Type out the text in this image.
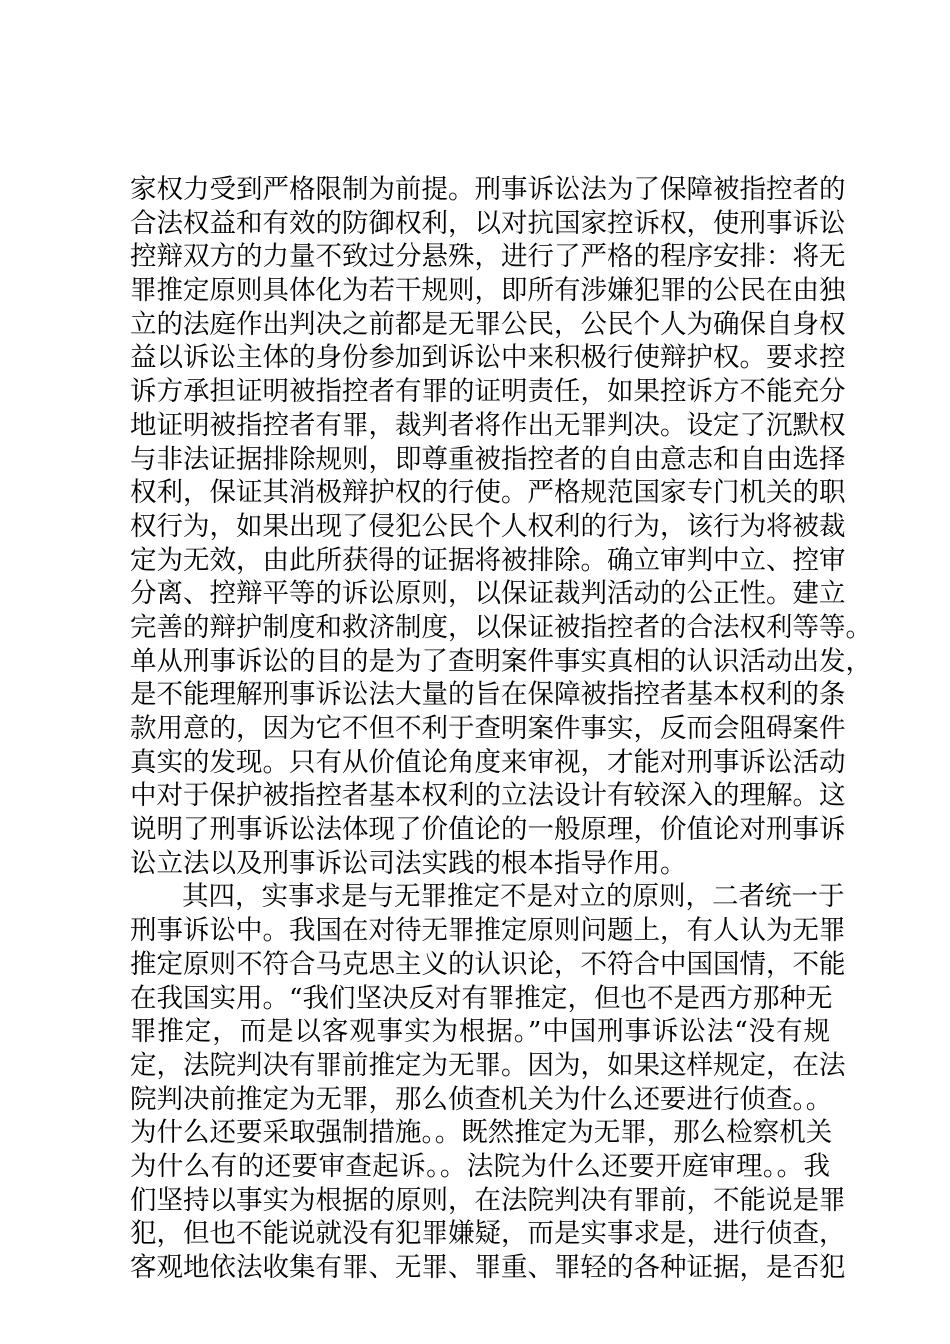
家权力受到严格限制为前提。刑事诉讼法为了保障被指控者的
合法权益和有效的防御权利，以对抗国家控诉权，使刑事诉讼
控辩双方的力量不致过分悬殊，进行了严格的程序安排：将无
罪推定原则具体化为若干规则，即所有涉嫌犯罪的公民在由独
立的法庭作出判决之前都是无罪公民，公民个人为确保自身权
益以诉讼主体的身份参加到诉讼中来积极行使辩护权。要求控
诉方承担证明被指控者有罪的证明责任，如果控诉方不能充分
地证明被指控者有罪，裁判者将作出无罪判决。设定了沉默权
与非法证据排除规则，即尊重被指控者的自由意志和自由选择
权利，保证其消极辩护权的行使。严格规范国家专门机关的职
权行为，如果出现了侵犯公民个人权利的行为，该行为将被裁
定为无效，由此所获得的证据将被排除。确立审判中立、控审
分离、控辩平等的诉讼原则，以保证裁判活动的公正性。建立
完善的辩护制度和救济制度，以保证被指控者的合法权利等等。
单从刑事诉讼的目的是为了查明案件事实真相的认识活动出发，
是不能理解刑事诉讼法大量的旨在保障被指控者基本权利的条
款用意的，因为它不但不利于查明案件事实，反而会阻碍案件
真实的发现。只有从价值论角度来审视，才能对刑事诉讼活动
中对于保护被指控者基本权利的立法设计有较深入的理解。这
说明了刑事诉讼法体现了价值论的一般原理，价值论对刑事诉
讼立法以及刑事诉讼司法实践的根本指导作用。
其四，实事求是与无罪推定不是对立的原则，二者统一于
刑事诉讼中。我国在对待无罪推定原则问题上，有人认为无罪
推定原则不符合马克思主义的认识论，不符合中国国情，不能
在我国实用。“我们坚决反对有罪推定，但也不是西方那种无
罪推定，而是以客观事实为根据。”中国刑事诉讼法“没有规
定，法院判决有罪前推定为无罪。因为，如果这样规定，在法
院判决前推定为无罪，那么侦查机关为什么还要进行侦查。。
为什么还要采取强制措施。。既然推定为无罪，那么检察机关
为什么有的还要审查起诉。。法院为什么还要开庭审理。。我
们坚持以事实为根据的原则，在法院判决有罪前，不能说是罪
犯，但也不能说就没有犯罪嫌疑，而是实事求是，进行侦查，
客观地依法收集有罪、无罪、罪重、罪轻的各种证据，是否犯
